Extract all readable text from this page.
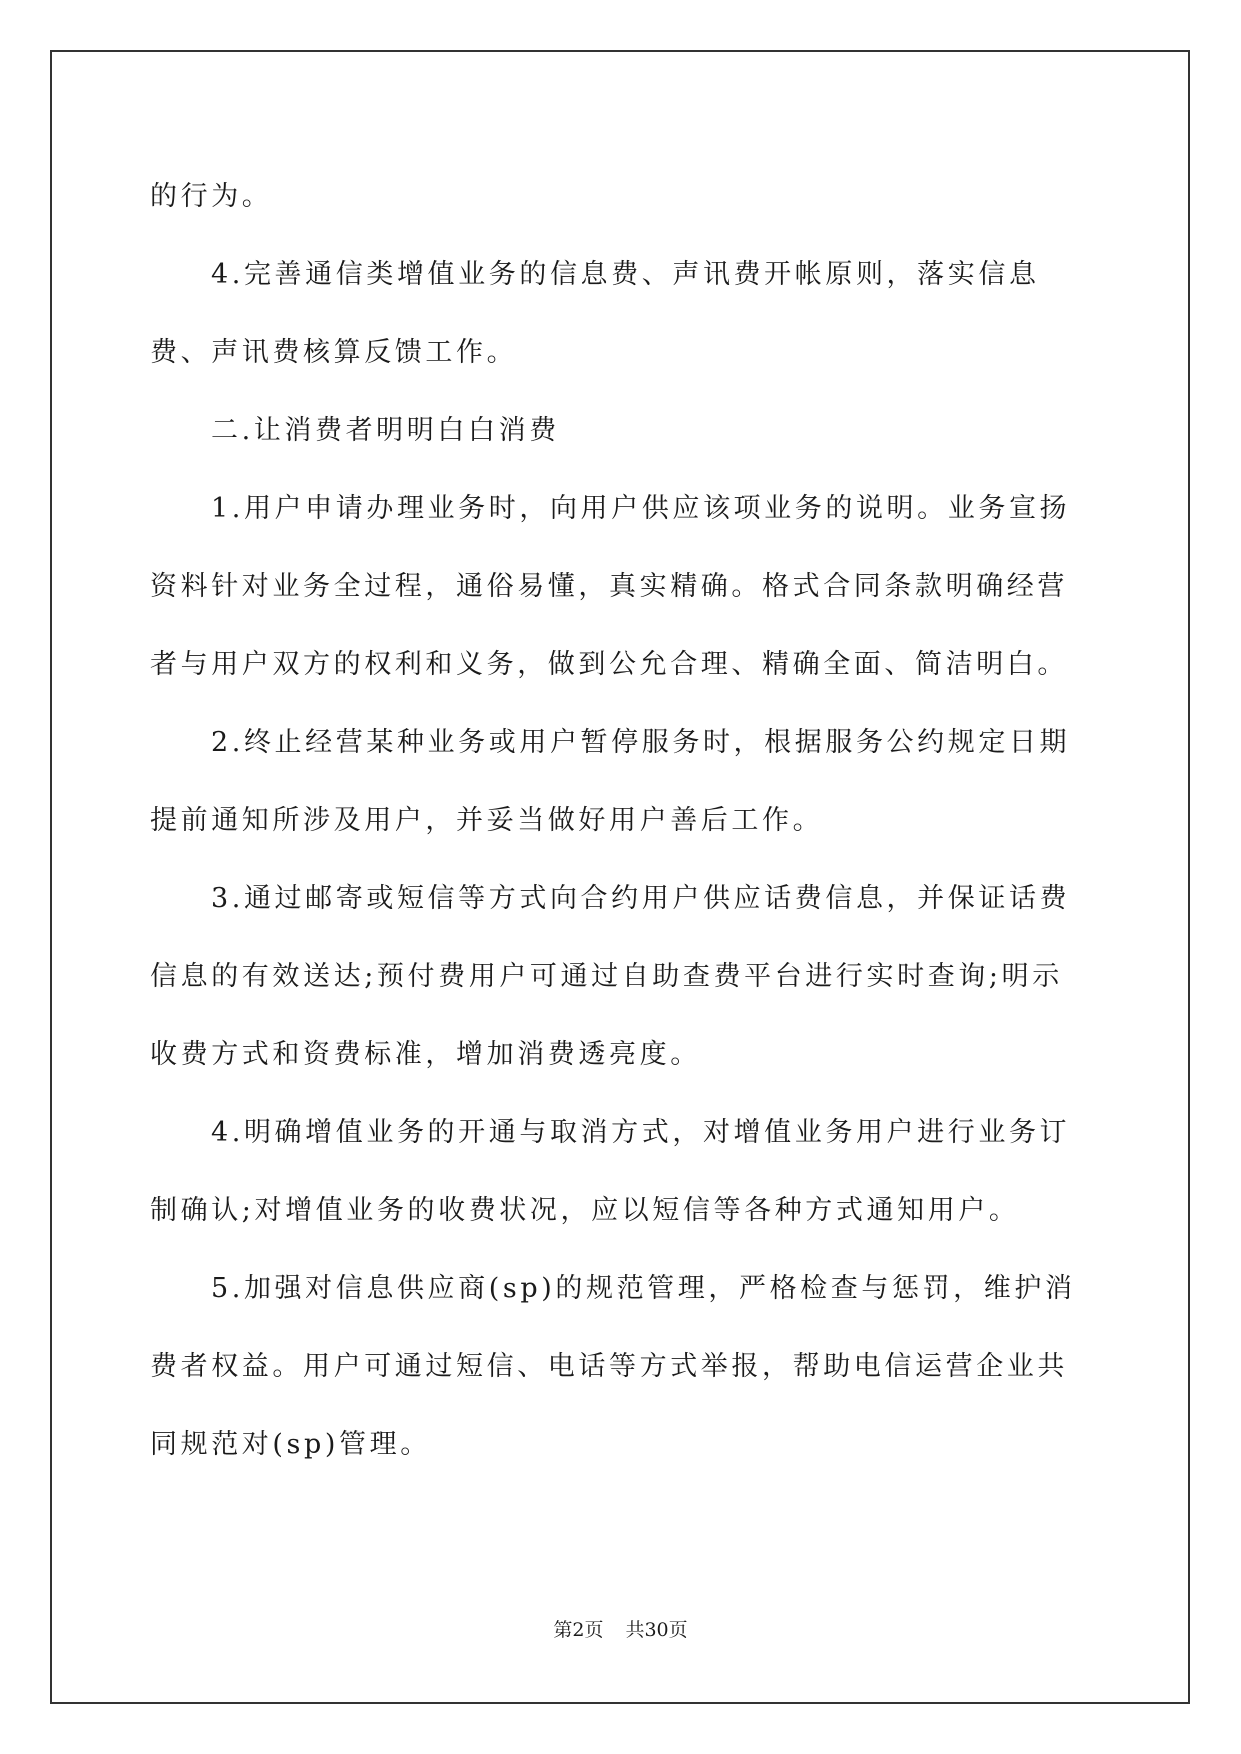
的行为。

4.完善通信类增值业务的信息费、声讯费开帐原则，落实信息费、声讯费核算反馈工作。

二.让消费者明明白白消费

1.用户申请办理业务时，向用户供应该项业务的说明。业务宣扬资料针对业务全过程，通俗易懂，真实精确。格式合同条款明确经营者与用户双方的权利和义务，做到公允合理、精确全面、简洁明白。

2.终止经营某种业务或用户暂停服务时，根据服务公约规定日期提前通知所涉及用户，并妥当做好用户善后工作。

3.通过邮寄或短信等方式向合约用户供应话费信息，并保证话费信息的有效送达;预付费用户可通过自助查费平台进行实时查询;明示收费方式和资费标准，增加消费透亮度。

4.明确增值业务的开通与取消方式，对增值业务用户进行业务订制确认;对增值业务的收费状况，应以短信等各种方式通知用户。

5.加强对信息供应商(sp)的规范管理，严格检查与惩罚，维护消费者权益。用户可通过短信、电话等方式举报，帮助电信运营企业共同规范对(sp)管理。

第2页 共30页
